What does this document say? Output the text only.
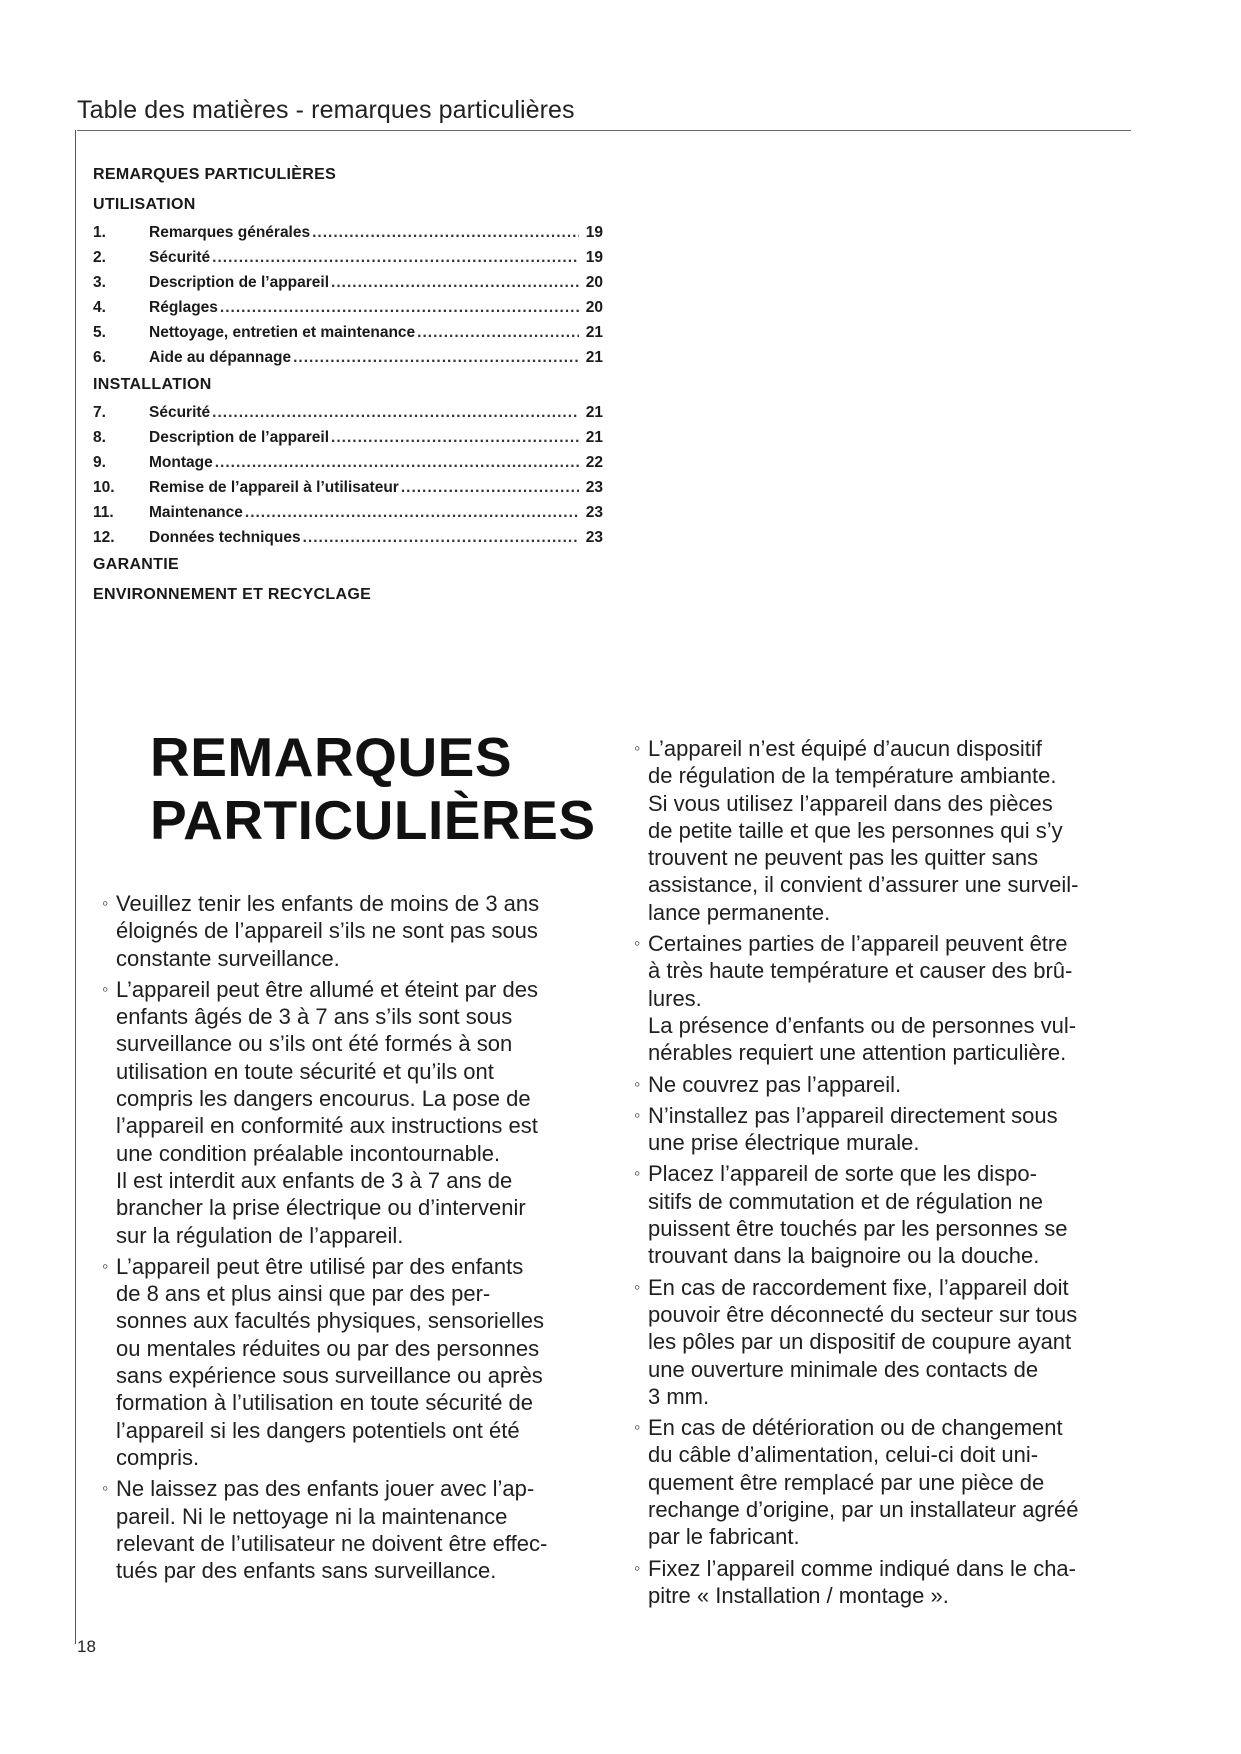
Table des matières - remarques particulières
REMARQUES PARTICULIÈRES
UTILISATION
1.	Remarques générales .....	19
2.	Sécurité .....	19
3.	Description de l’appareil .....	20
4.	Réglages .....	20
5.	Nettoyage, entretien et maintenance .....	21
6.	Aide au dépannage .....	21
INSTALLATION
7.	Sécurité .....	21
8.	Description de l’appareil .....	21
9.	Montage .....	22
10.	Remise de l’appareil à l’utilisateur .....	23
11.	Maintenance .....	23
12.	Données techniques .....	23
GARANTIE
ENVIRONNEMENT ET RECYCLAGE
REMARQUES
PARTICULIÈRES

◦ Veuillez tenir les enfants de moins de 3 ans
éloignés de l’appareil s’ils ne sont pas sous
constante surveillance.

◦ L’appareil peut être allumé et éteint par des
enfants âgés de 3 à 7 ans s’ils sont sous
surveillance ou s’ils ont été formés à son
utilisation en toute sécurité et qu’ils ont
compris les dangers encourus. La pose de
l’appareil en conformité aux instructions est
une condition préalable incontournable.
Il est interdit aux enfants de 3 à 7 ans de
brancher la prise électrique ou d’intervenir
sur la régulation de l’appareil.

◦ L’appareil peut être utilisé par des enfants
de 8 ans et plus ainsi que par des per-
sonnes aux facultés physiques, sensorielles
ou mentales réduites ou par des personnes
sans expérience sous surveillance ou après
formation à l’utilisation en toute sécurité de
l’appareil si les dangers potentiels ont été
compris.

◦ Ne laissez pas des enfants jouer avec l’ap-
pareil. Ni le nettoyage ni la maintenance
relevant de l’utilisateur ne doivent être effec-
tués par des enfants sans surveillance.

◦ L’appareil n’est équipé d’aucun dispositif
de régulation de la température ambiante.
Si vous utilisez l’appareil dans des pièces
de petite taille et que les personnes qui s’y
trouvent ne peuvent pas les quitter sans
assistance, il convient d’assurer une surveil-
lance permanente.

◦ Certaines parties de l’appareil peuvent être
à très haute température et causer des brû-
lures.
La présence d’enfants ou de personnes vul-
nérables requiert une attention particulière.

◦ Ne couvrez pas l’appareil.

◦ N’installez pas l’appareil directement sous
une prise électrique murale.

◦ Placez l’appareil de sorte que les dispo-
sitifs de commutation et de régulation ne
puissent être touchés par les personnes se
trouvant dans la baignoire ou la douche.

◦ En cas de raccordement fixe, l’appareil doit
pouvoir être déconnecté du secteur sur tous
les pôles par un dispositif de coupure ayant
une ouverture minimale des contacts de
3 mm.

◦ En cas de détérioration ou de changement
du câble d’alimentation, celui-ci doit uni-
quement être remplacé par une pièce de
rechange d’origine, par un installateur agréé
par le fabricant.

◦ Fixez l’appareil comme indiqué dans le cha-
pitre « Installation / montage ».

18
